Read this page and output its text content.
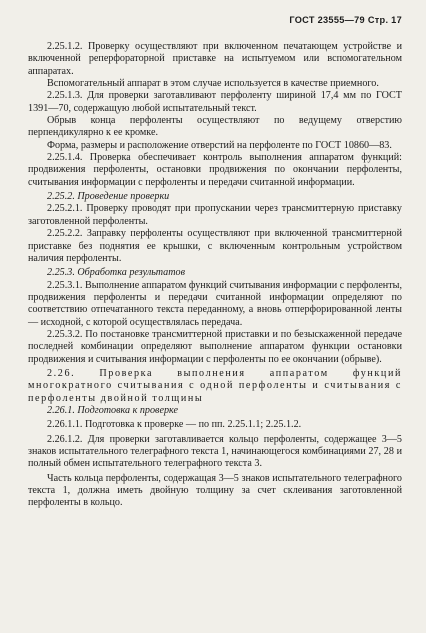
ГОСТ 23555—79 Стр. 17

2.25.1.2. Проверку осуществляют при включенном печатающем устройстве и включенной реперфораторной приставке на испытуемом или вспомогательном аппаратах.

Вспомогательный аппарат в этом случае используется в качестве приемного.

2.25.1.3. Для проверки заготавливают перфоленту шириной 17,4 мм по ГОСТ 1391—70, содержащую любой испытательный текст.

Обрыв конца перфоленты осуществляют по ведущему отверстию перпендикулярно к ее кромке.

Форма, размеры и расположение отверстий на перфоленте по ГОСТ 10860—83.

2.25.1.4. Проверка обеспечивает контроль выполнения аппаратом функций: продвижения перфоленты, остановки продвижения по окончании перфоленты, считывания информации с перфоленты и передачи считанной информации.

2.25.2. Проведение проверки

2.25.2.1. Проверку проводят при пропускании через трансмиттерную приставку заготовленной перфоленты.

2.25.2.2. Заправку перфоленты осуществляют при включенной трансмиттерной приставке без поднятия ее крышки, с включенным контрольным устройством наличия перфоленты.

2.25.3. Обработка результатов

2.25.3.1. Выполнение аппаратом функций считывания информации с перфоленты, продвижения перфоленты и передачи считанной информации определяют по соответствию отпечатанного текста переданному, а вновь отперфорированной ленты — исходной, с которой осуществлялась передача.

2.25.3.2. По постановке трансмиттерной приставки и по безыскаженной передаче последней комбинации определяют выполнение аппаратом функции остановки продвижения и считывания информации с перфоленты по ее окончании (обрыве).

2.26. Проверка выполнения аппаратом функций многократного считывания с одной перфоленты и считывания с перфоленты двойной толщины

2.26.1. Подготовка к проверке

2.26.1.1. Подготовка к проверке — по пп. 2.25.1.1; 2.25.1.2.

2.26.1.2. Для проверки заготавливается кольцо перфоленты, содержащее 3—5 знаков испытательного телеграфного текста 1, начинающегося комбинациями 27, 28 и полный обмен испытательного телеграфного текста 3.

Часть кольца перфоленты, содержащая 3—5 знаков испытательного телеграфного текста 1, должна иметь двойную толщину за счет склеивания заготовленной перфоленты в кольцо.
